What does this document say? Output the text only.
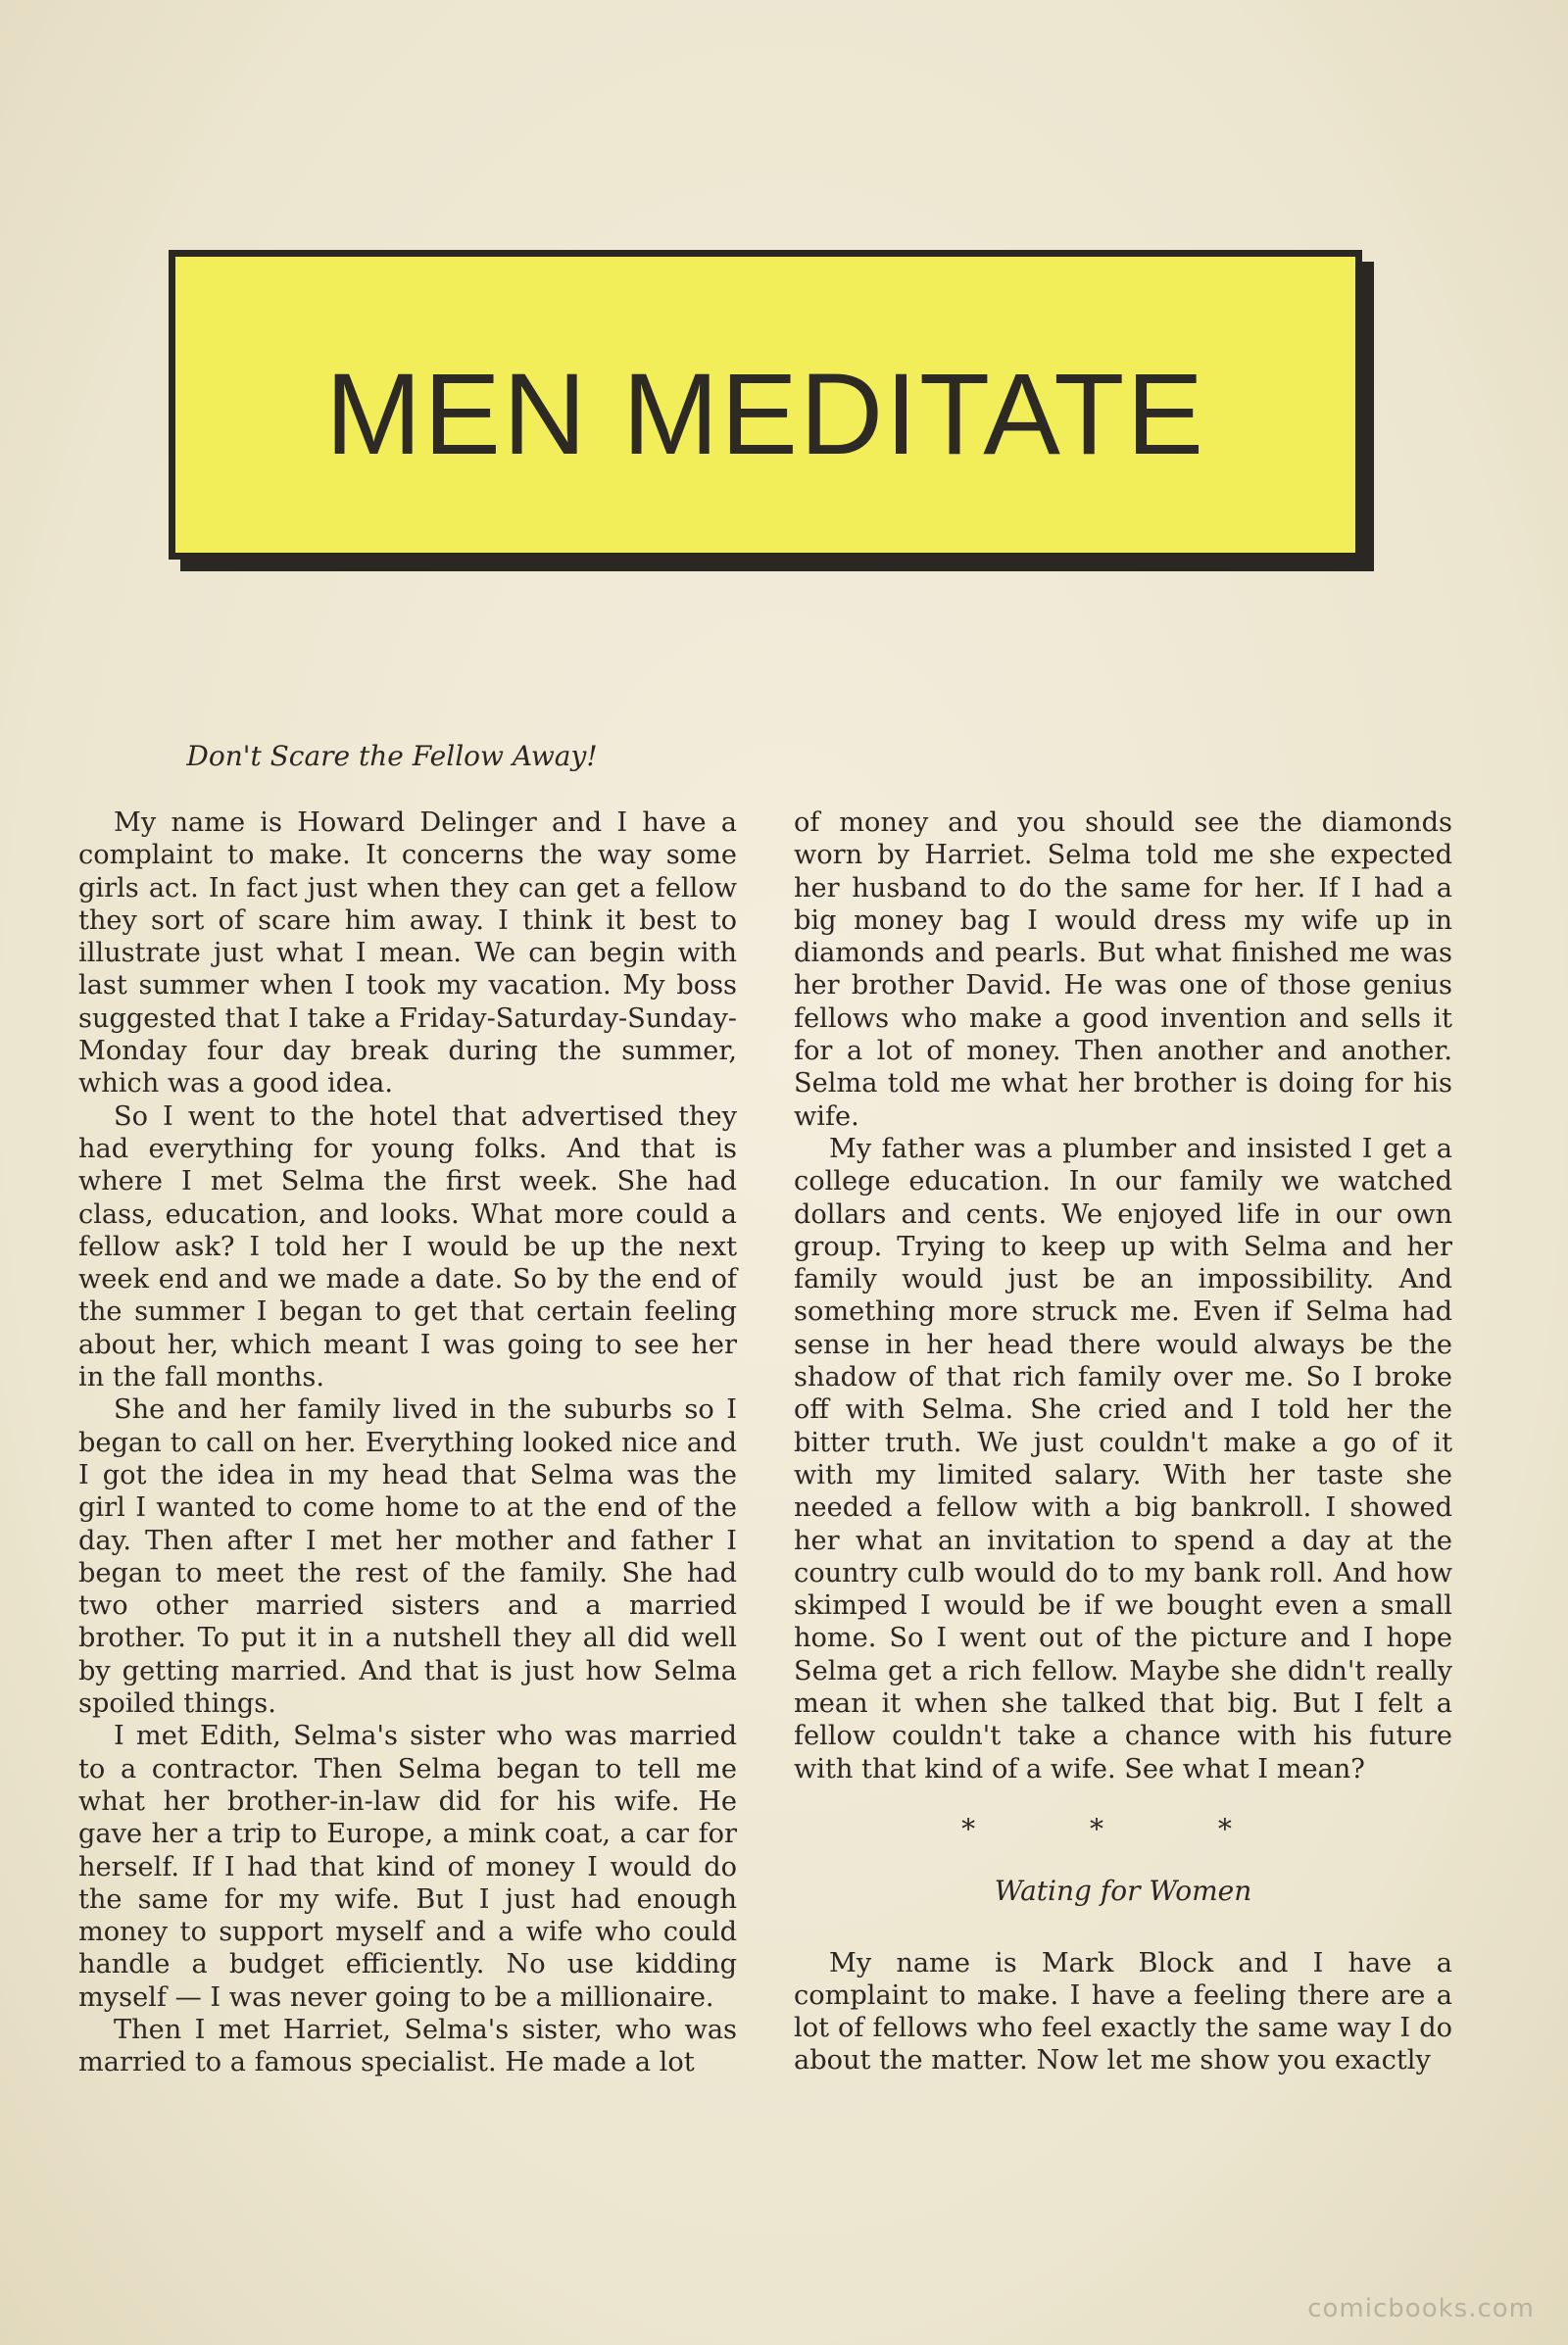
MEN MEDITATE
Don't Scare the Fellow Away!

My name is Howard Delinger and I have a complaint to make. It concerns the way some girls act. In fact just when they can get a fellow they sort of scare him away. I think it best to illustrate just what I mean. We can begin with last summer when I took my vacation. My boss suggested that I take a Friday-Saturday-Sunday-Monday four day break during the summer, which was a good idea.

So I went to the hotel that advertised they had everything for young folks. And that is where I met Selma the first week. She had class, education, and looks. What more could a fellow ask? I told her I would be up the next week end and we made a date. So by the end of the summer I began to get that certain feeling about her, which meant I was going to see her in the fall months.

She and her family lived in the suburbs so I began to call on her. Everything looked nice and I got the idea in my head that Selma was the girl I wanted to come home to at the end of the day. Then after I met her mother and father I began to meet the rest of the family. She had two other married sisters and a married brother. To put it in a nutshell they all did well by getting married. And that is just how Selma spoiled things.

I met Edith, Selma's sister who was married to a contractor. Then Selma began to tell me what her brother-in-law did for his wife. He gave her a trip to Europe, a mink coat, a car for herself. If I had that kind of money I would do the same for my wife. But I just had enough money to support myself and a wife who could handle a budget efficiently. No use kidding myself — I was never going to be a millionaire.

Then I met Harriet, Selma's sister, who was married to a famous specialist. He made a lot

of money and you should see the diamonds worn by Harriet. Selma told me she expected her husband to do the same for her. If I had a big money bag I would dress my wife up in diamonds and pearls. But what finished me was her brother David. He was one of those genius fellows who make a good invention and sells it for a lot of money. Then another and another. Selma told me what her brother is doing for his wife.

My father was a plumber and insisted I get a college education. In our family we watched dollars and cents. We enjoyed life in our own group. Trying to keep up with Selma and her family would just be an impossibility. And something more struck me. Even if Selma had sense in her head there would always be the shadow of that rich family over me. So I broke off with Selma. She cried and I told her the bitter truth. We just couldn't make a go of it with my limited salary. With her taste she needed a fellow with a big bankroll. I showed her what an invitation to spend a day at the country culb would do to my bank roll. And how skimped I would be if we bought even a small home. So I went out of the picture and I hope Selma get a rich fellow. Maybe she didn't really mean it when she talked that big. But I felt a fellow couldn't take a chance with his future with that kind of a wife. See what I mean?

* * *
Wating for Women

My name is Mark Block and I have a complaint to make. I have a feeling there are a lot of fellows who feel exactly the same way I do about the matter. Now let me show you exactly

comicbooks.com
